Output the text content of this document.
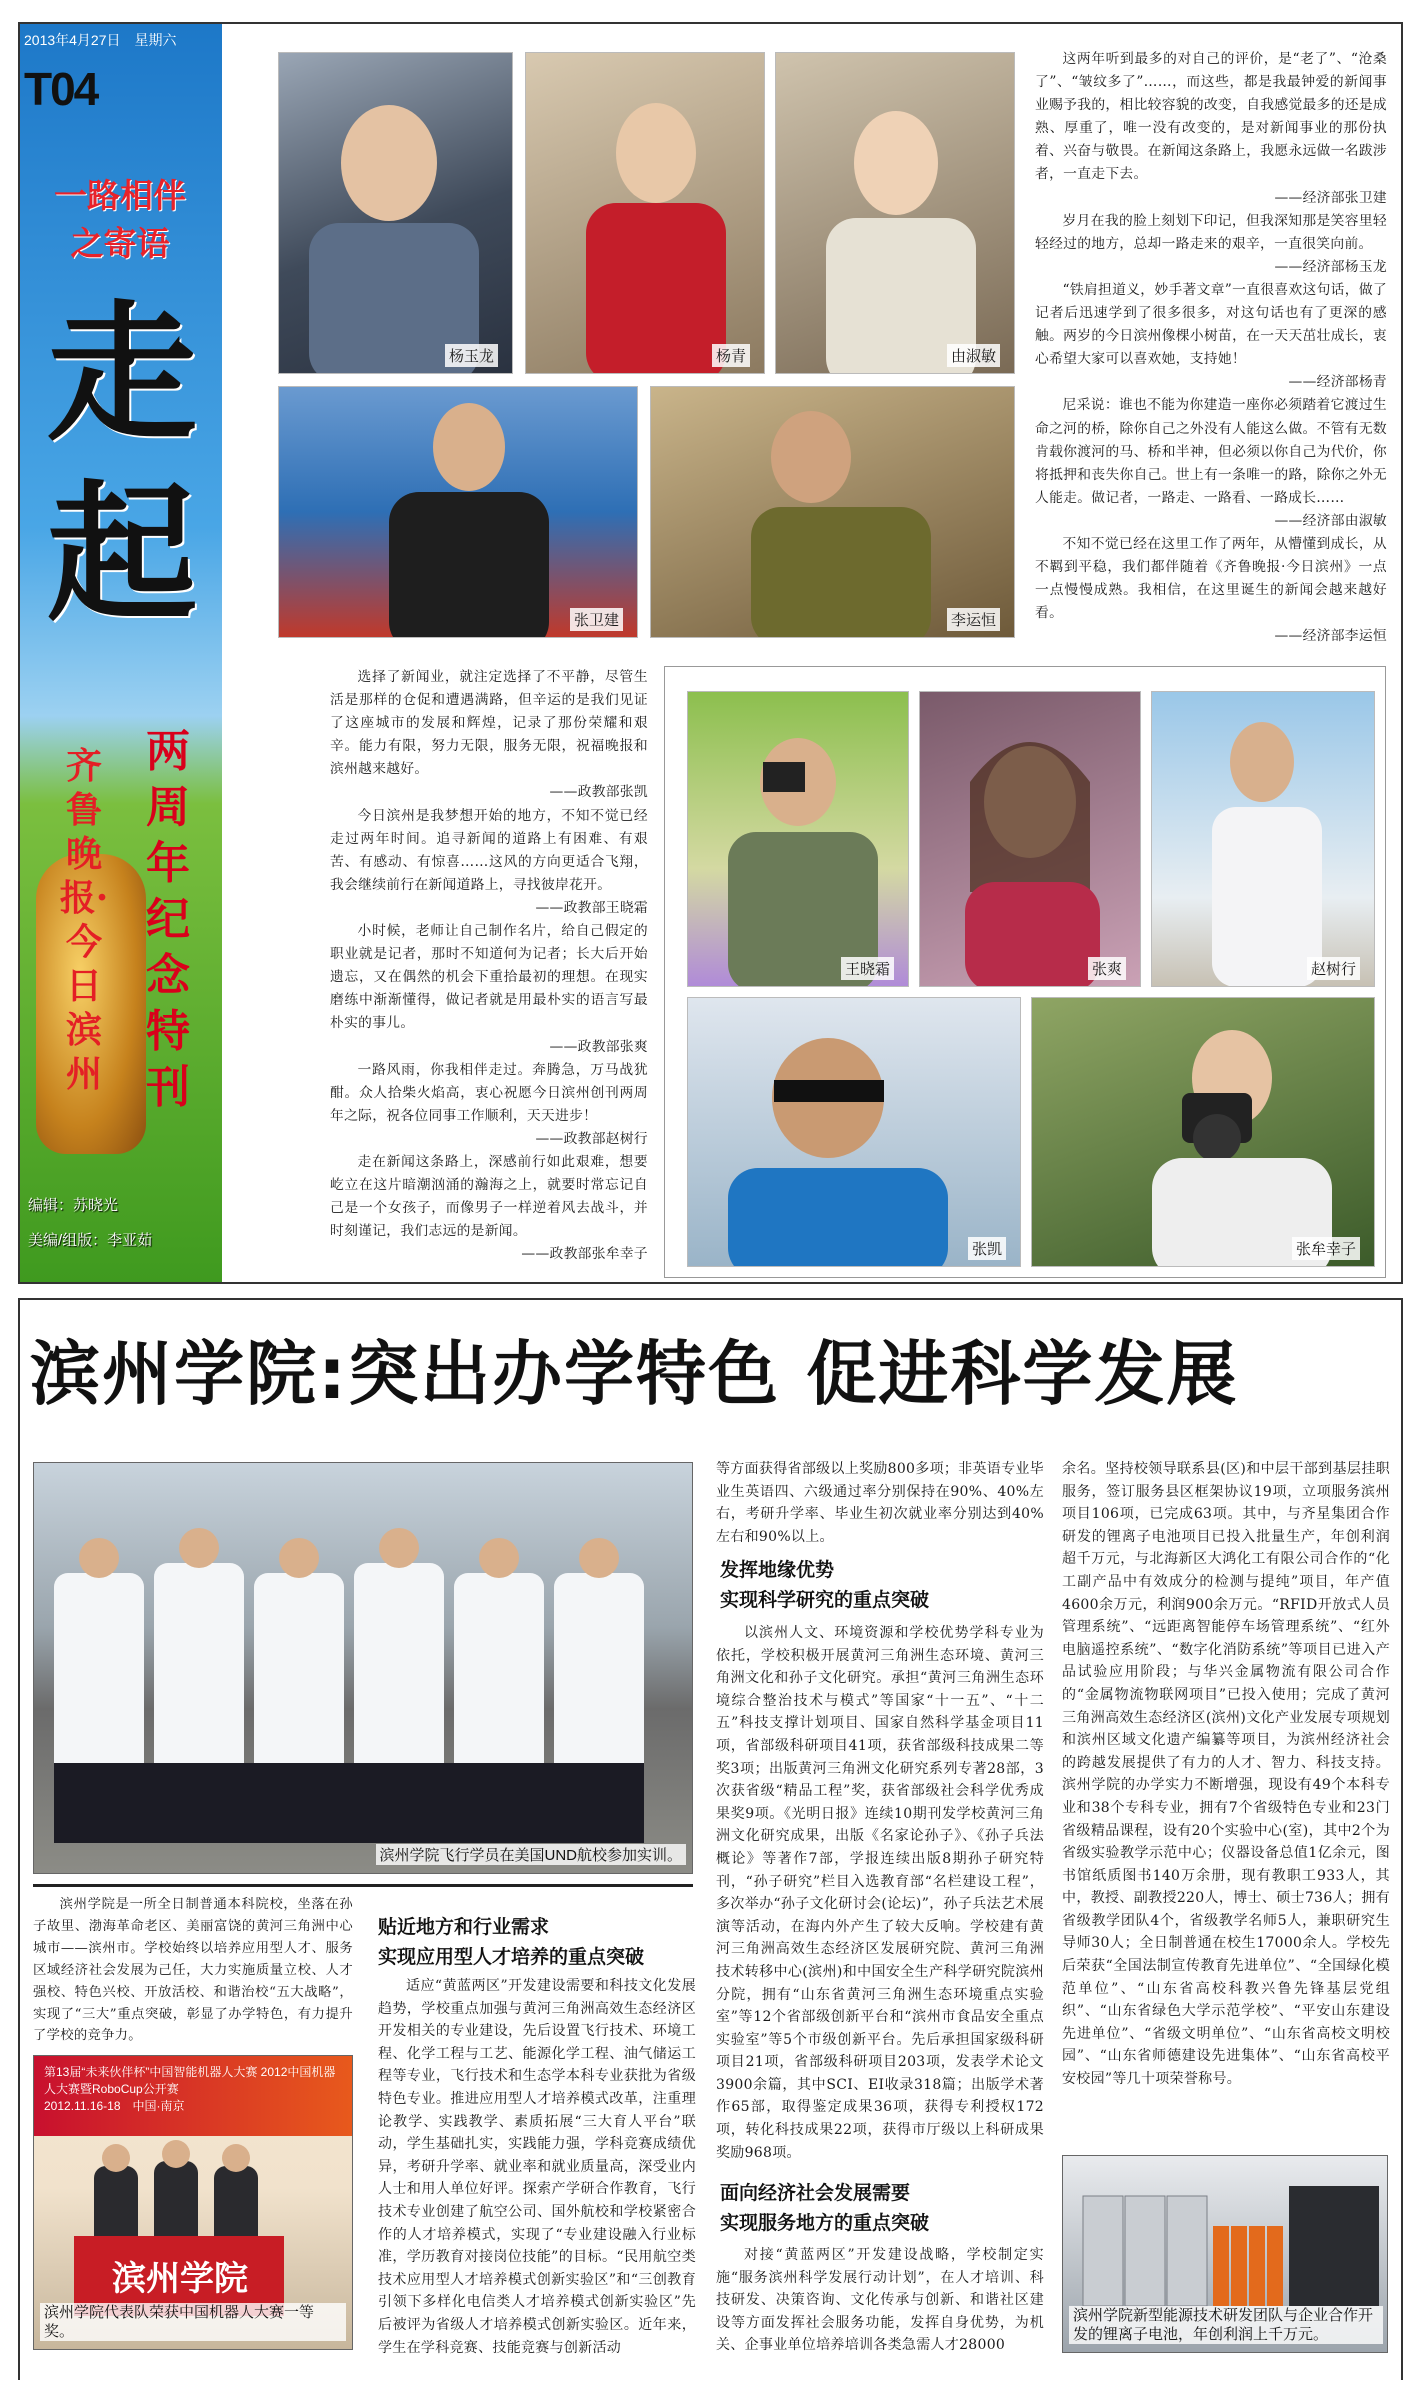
2013年4月27日　星期六
T04
一路相伴
之寄语
走
起
齐鲁晚报·今日滨州
两周年纪念特刊
编辑：苏晓光
美编/组版：李亚茹
杨玉龙	杨青	由淑敏
张卫建	李运恒

这两年听到最多的对自己的评价，是“老了”、“沧桑了”、“皱纹多了”……，而这些，都是我最钟爱的新闻事业赐予我的，相比较容貌的改变，自我感觉最多的还是成熟、厚重了，唯一没有改变的，是对新闻事业的那份执着、兴奋与敬畏。在新闻这条路上，我愿永远做一名跋涉者，一直走下去。

——经济部张卫建

岁月在我的脸上刻划下印记，但我深知那是笑容里轻轻经过的地方，总却一路走来的艰辛，一直很笑向前。

——经济部杨玉龙

“铁肩担道义，妙手著文章”一直很喜欢这句话，做了记者后迅速学到了很多很多，对这句话也有了更深的感触。两岁的今日滨州像棵小树苗，在一天天茁壮成长，衷心希望大家可以喜欢她，支持她！

——经济部杨青

尼采说：谁也不能为你建造一座你必须踏着它渡过生命之河的桥，除你自己之外没有人能这么做。不管有无数肯载你渡河的马、桥和半神，但必须以你自己为代价，你将抵押和丧失你自己。世上有一条唯一的路，除你之外无人能走。做记者，一路走、一路看、一路成长……

——经济部由淑敏

不知不觉已经在这里工作了两年，从懵懂到成长，从不羁到平稳，我们都伴随着《齐鲁晚报·今日滨州》一点一点慢慢成熟。我相信，在这里诞生的新闻会越来越好看。

——经济部李运恒

选择了新闻业，就注定选择了不平静，尽管生活是那样的仓促和遭遇满路，但辛运的是我们见证了这座城市的发展和辉煌，记录了那份荣耀和艰辛。能力有限，努力无限，服务无限，祝福晚报和滨州越来越好。

——政教部张凯

今日滨州是我梦想开始的地方，不知不觉已经走过两年时间。追寻新闻的道路上有困难、有艰苦、有感动、有惊喜……这风的方向更适合飞翔，我会继续前行在新闻道路上，寻找彼岸花开。

——政教部王晓霜

小时候，老师让自己制作名片，给自己假定的职业就是记者，那时不知道何为记者；长大后开始遗忘，又在偶然的机会下重拾最初的理想。在现实磨练中渐渐懂得，做记者就是用最朴实的语言写最朴实的事儿。

——政教部张爽

一路风雨，你我相伴走过。奔腾急，万马战犹酣。众人拾柴火焰高，衷心祝愿今日滨州创刊两周年之际，祝各位同事工作顺利，天天进步！

——政教部赵树行

走在新闻这条路上，深感前行如此艰难，想要屹立在这片暗潮汹涌的瀚海之上，就要时常忘记自己是一个女孩子，而像男子一样逆着风去战斗，并时刻谨记，我们志远的是新闻。

——政教部张牟幸子

王晓霜	张爽	赵树行
张凯	张牟幸子
滨州学院:突出办学特色 促进科学发展
滨州学院飞行学员在美国UND航校参加实训。

滨州学院是一所全日制普通本科院校，坐落在孙子故里、渤海革命老区、美丽富饶的黄河三角洲中心城市——滨州市。学校始终以培养应用型人才、服务区域经济社会发展为己任，大力实施质量立校、人才强校、特色兴校、开放活校、和谐治校“五大战略”，实现了“三大”重点突破，彰显了办学特色，有力提升了学校的竞争力。

第13届“未来伙伴杯”中国智能机器人大赛 2012中国机器人大赛暨RoboCup公开赛
2012.11.16-18　中国·南京
滨州学院
滨州学院代表队荣获中国机器人大赛一等奖。
贴近地方和行业需求
实现应用型人才培养的重点突破

适应“黄蓝两区”开发建设需要和科技文化发展趋势，学校重点加强与黄河三角洲高效生态经济区开发相关的专业建设，先后设置飞行技术、环境工程、化学工程与工艺、能源化学工程、油气储运工程等专业，飞行技术和生态学本科专业获批为省级特色专业。推进应用型人才培养模式改革，注重理论教学、实践教学、素质拓展“三大育人平台”联动，学生基础扎实，实践能力强，学科竞赛成绩优异，考研升学率、就业率和就业质量高，深受业内人士和用人单位好评。探索产学研合作教育，飞行技术专业创建了航空公司、国外航校和学校紧密合作的人才培养模式，实现了“专业建设融入行业标准，学历教育对接岗位技能”的目标。“民用航空类技术应用型人才培养模式创新实验区”和“三创教育引领下多样化电信类人才培养模式创新实验区”先后被评为省级人才培养模式创新实验区。近年来，学生在学科竞赛、技能竞赛与创新活动

等方面获得省部级以上奖励800多项；非英语专业毕业生英语四、六级通过率分别保持在90%、40%左右，考研升学率、毕业生初次就业率分别达到40%左右和90%以上。

发挥地缘优势
实现科学研究的重点突破

以滨州人文、环境资源和学校优势学科专业为依托，学校积极开展黄河三角洲生态环境、黄河三角洲文化和孙子文化研究。承担“黄河三角洲生态环境综合整治技术与模式”等国家“十一五”、“十二五”科技支撑计划项目、国家自然科学基金项目11项，省部级科研项目41项，获省部级科技成果二等奖3项；出版黄河三角洲文化研究系列专著28部，3次获省级“精品工程”奖，获省部级社会科学优秀成果奖9项。《光明日报》连续10期刊发学校黄河三角洲文化研究成果，出版《名家论孙子》、《孙子兵法概论》等著作7部，学报连续出版8期孙子研究特刊，“孙子研究”栏目入选教育部“名栏建设工程”，多次举办“孙子文化研讨会(论坛)”，孙子兵法艺术展演等活动，在海内外产生了较大反响。学校建有黄河三角洲高效生态经济区发展研究院、黄河三角洲技术转移中心(滨州)和中国安全生产科学研究院滨州分院，拥有“山东省黄河三角洲生态环境重点实验室”等12个省部级创新平台和“滨州市食品安全重点实验室”等5个市级创新平台。先后承担国家级科研项目21项，省部级科研项目203项，发表学术论文3900余篇，其中SCI、EI收录318篇；出版学术著作65部，取得鉴定成果36项，获得专利授权172项，转化科技成果22项，获得市厅级以上科研成果奖励968项。

面向经济社会发展需要
实现服务地方的重点突破

对接“黄蓝两区”开发建设战略，学校制定实施“服务滨州科学发展行动计划”，在人才培训、科技研发、决策咨询、文化传承与创新、和谐社区建设等方面发挥社会服务功能，发挥自身优势，为机关、企事业单位培养培训各类急需人才28000

余名。坚持校领导联系县(区)和中层干部到基层挂职服务，签订服务县区框架协议19项，立项服务滨州项目106项，已完成63项。其中，与齐星集团合作研发的锂离子电池项目已投入批量生产，年创利润超千万元，与北海新区大鸿化工有限公司合作的“化工副产品中有效成分的检测与提纯”项目，年产值4600余万元，利润900余万元。“RFID开放式人员管理系统”、“远距离智能停车场管理系统”、“红外电脑遥控系统”、“数字化消防系统”等项目已进入产品试验应用阶段；与华兴金属物流有限公司合作的“金属物流物联网项目”已投入使用；完成了黄河三角洲高效生态经济区(滨州)文化产业发展专项规划和滨州区域文化遗产编纂等项目，为滨州经济社会的跨越发展提供了有力的人才、智力、科技支持。滨州学院的办学实力不断增强，现设有49个本科专业和38个专科专业，拥有7个省级特色专业和23门省级精品课程，设有20个实验中心(室)，其中2个为省级实验教学示范中心；仪器设备总值1亿余元，图书馆纸质图书140万余册，现有教职工933人，其中，教授、副教授220人，博士、硕士736人；拥有省级教学团队4个，省级教学名师5人，兼职研究生导师30人；全日制普通在校生17000余人。学校先后荣获“全国法制宣传教育先进单位”、“全国绿化模范单位”、“山东省高校科教兴鲁先锋基层党组织”、“山东省绿色大学示范学校”、“平安山东建设先进单位”、“省级文明单位”、“山东省高校文明校园”、“山东省师德建设先进集体”、“山东省高校平安校园”等几十项荣誉称号。

滨州学院新型能源技术研发团队与企业合作开发的锂离子电池，年创利润上千万元。
